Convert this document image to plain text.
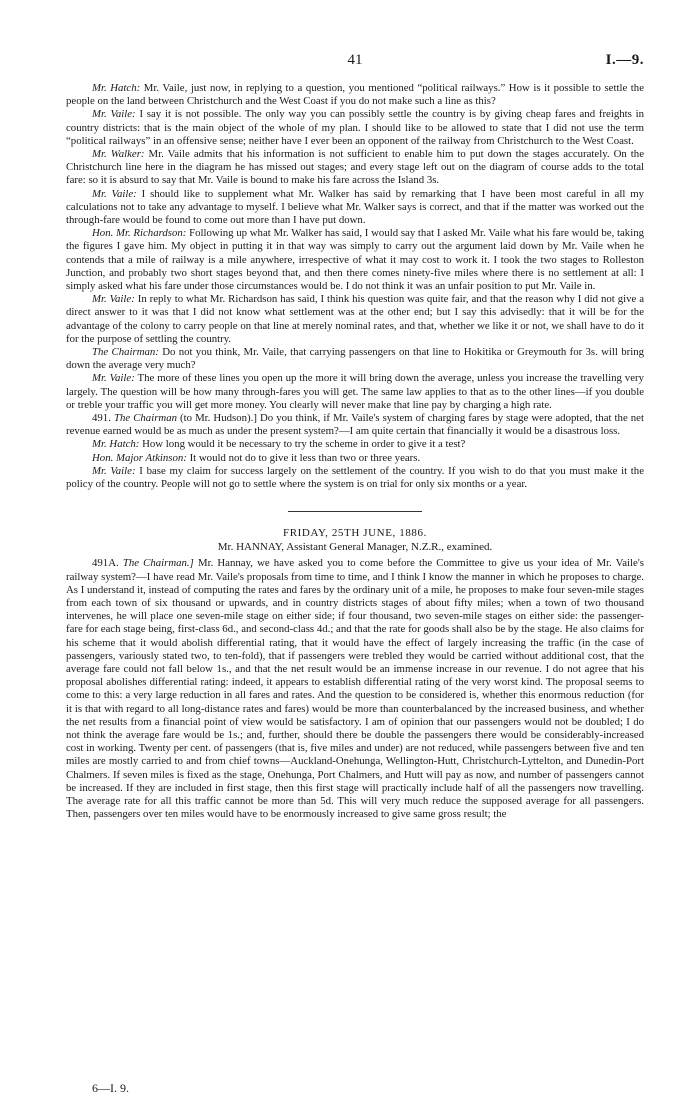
41	I.—9.

Mr. Hatch: Mr. Vaile, just now, in replying to a question, you mentioned “political railways.” How is it possible to settle the people on the land between Christchurch and the West Coast if you do not make such a line as this?

Mr. Vaile: I say it is not possible. The only way you can possibly settle the country is by giving cheap fares and freights in country districts: that is the main object of the whole of my plan. I should like to be allowed to state that I did not use the term “political railways” in an offensive sense; neither have I ever been an opponent of the railway from Christchurch to the West Coast.

Mr. Walker: Mr. Vaile admits that his information is not sufficient to enable him to put down the stages accurately. On the Christchurch line here in the diagram he has missed out stages; and every stage left out on the diagram of course adds to the total fare: so it is absurd to say that Mr. Vaile is bound to make his fare across the Island 3s.

Mr. Vaile: I should like to supplement what Mr. Walker has said by remarking that I have been most careful in all my calculations not to take any advantage to myself. I believe what Mr. Walker says is correct, and that if the matter was worked out the through-fare would be found to come out more than I have put down.

Hon. Mr. Richardson: Following up what Mr. Walker has said, I would say that I asked Mr. Vaile what his fare would be, taking the figures I gave him. My object in putting it in that way was simply to carry out the argument laid down by Mr. Vaile when he contends that a mile of railway is a mile anywhere, irrespective of what it may cost to work it. I took the two stages to Rolleston Junction, and probably two short stages beyond that, and then there comes ninety-five miles where there is no settlement at all: I simply asked what his fare under those circumstances would be. I do not think it was an unfair position to put Mr. Vaile in.

Mr. Vaile: In reply to what Mr. Richardson has said, I think his question was quite fair, and that the reason why I did not give a direct answer to it was that I did not know what settlement was at the other end; but I say this advisedly: that it will be for the advantage of the colony to carry people on that line at merely nominal rates, and that, whether we like it or not, we shall have to do it for the purpose of settling the country.

The Chairman: Do not you think, Mr. Vaile, that carrying passengers on that line to Hokitika or Greymouth for 3s. will bring down the average very much?

Mr. Vaile: The more of these lines you open up the more it will bring down the average, unless you increase the travelling very largely. The question will be how many through-fares you will get. The same law applies to that as to the other lines—if you double or treble your traffic you will get more money. You clearly will never make that line pay by charging a high rate.

491. The Chairman (to Mr. Hudson).] Do you think, if Mr. Vaile's system of charging fares by stage were adopted, that the net revenue earned would be as much as under the present system?—I am quite certain that financially it would be a disastrous loss.

Mr. Hatch: How long would it be necessary to try the scheme in order to give it a test?

Hon. Major Atkinson: It would not do to give it less than two or three years.

Mr. Vaile: I base my claim for success largely on the settlement of the country. If you wish to do that you must make it the policy of the country. People will not go to settle where the system is on trial for only six months or a year.

FRIDAY, 25TH JUNE, 1886.
Mr. HANNAY, Assistant General Manager, N.Z.R., examined.

491A. The Chairman.] Mr. Hannay, we have asked you to come before the Committee to give us your idea of Mr. Vaile's railway system?—I have read Mr. Vaile's proposals from time to time, and I think I know the manner in which he proposes to charge. As I understand it, instead of computing the rates and fares by the ordinary unit of a mile, he proposes to make four seven-mile stages from each town of six thousand or upwards, and in country districts stages of about fifty miles; when a town of two thousand intervenes, he will place one seven-mile stage on either side; if four thousand, two seven-mile stages on either side: the passenger-fare for each stage being, first-class 6d., and second-class 4d.; and that the rate for goods shall also be by the stage. He also claims for his scheme that it would abolish differential rating, that it would have the effect of largely increasing the traffic (in the case of passengers, variously stated two, to ten-fold), that if passengers were trebled they would be carried without additional cost, that the average fare could not fall below 1s., and that the net result would be an immense increase in our revenue. I do not agree that his proposal abolishes differential rating: indeed, it appears to establish differential rating of the very worst kind. The proposal seems to come to this: a very large reduction in all fares and rates. And the question to be considered is, whether this enormous reduction (for it is that with regard to all long-distance rates and fares) would be more than counterbalanced by the increased business, and whether the net results from a financial point of view would be satisfactory. I am of opinion that our passengers would not be doubled; I do not think the average fare would be 1s.; and, further, should there be double the passengers there would be considerably-increased cost in working. Twenty per cent. of passengers (that is, five miles and under) are not reduced, while passengers between five and ten miles are mostly carried to and from chief towns—Auckland-Onehunga, Wellington-Hutt, Christchurch-Lyttelton, and Dunedin-Port Chalmers. If seven miles is fixed as the stage, Onehunga, Port Chalmers, and Hutt will pay as now, and number of passengers cannot be increased. If they are included in first stage, then this first stage will practically include half of all the passengers now travelling. The average rate for all this traffic cannot be more than 5d. This will very much reduce the supposed average for all passengers. Then, passengers over ten miles would have to be enormously increased to give same gross result; the

6—I. 9.
